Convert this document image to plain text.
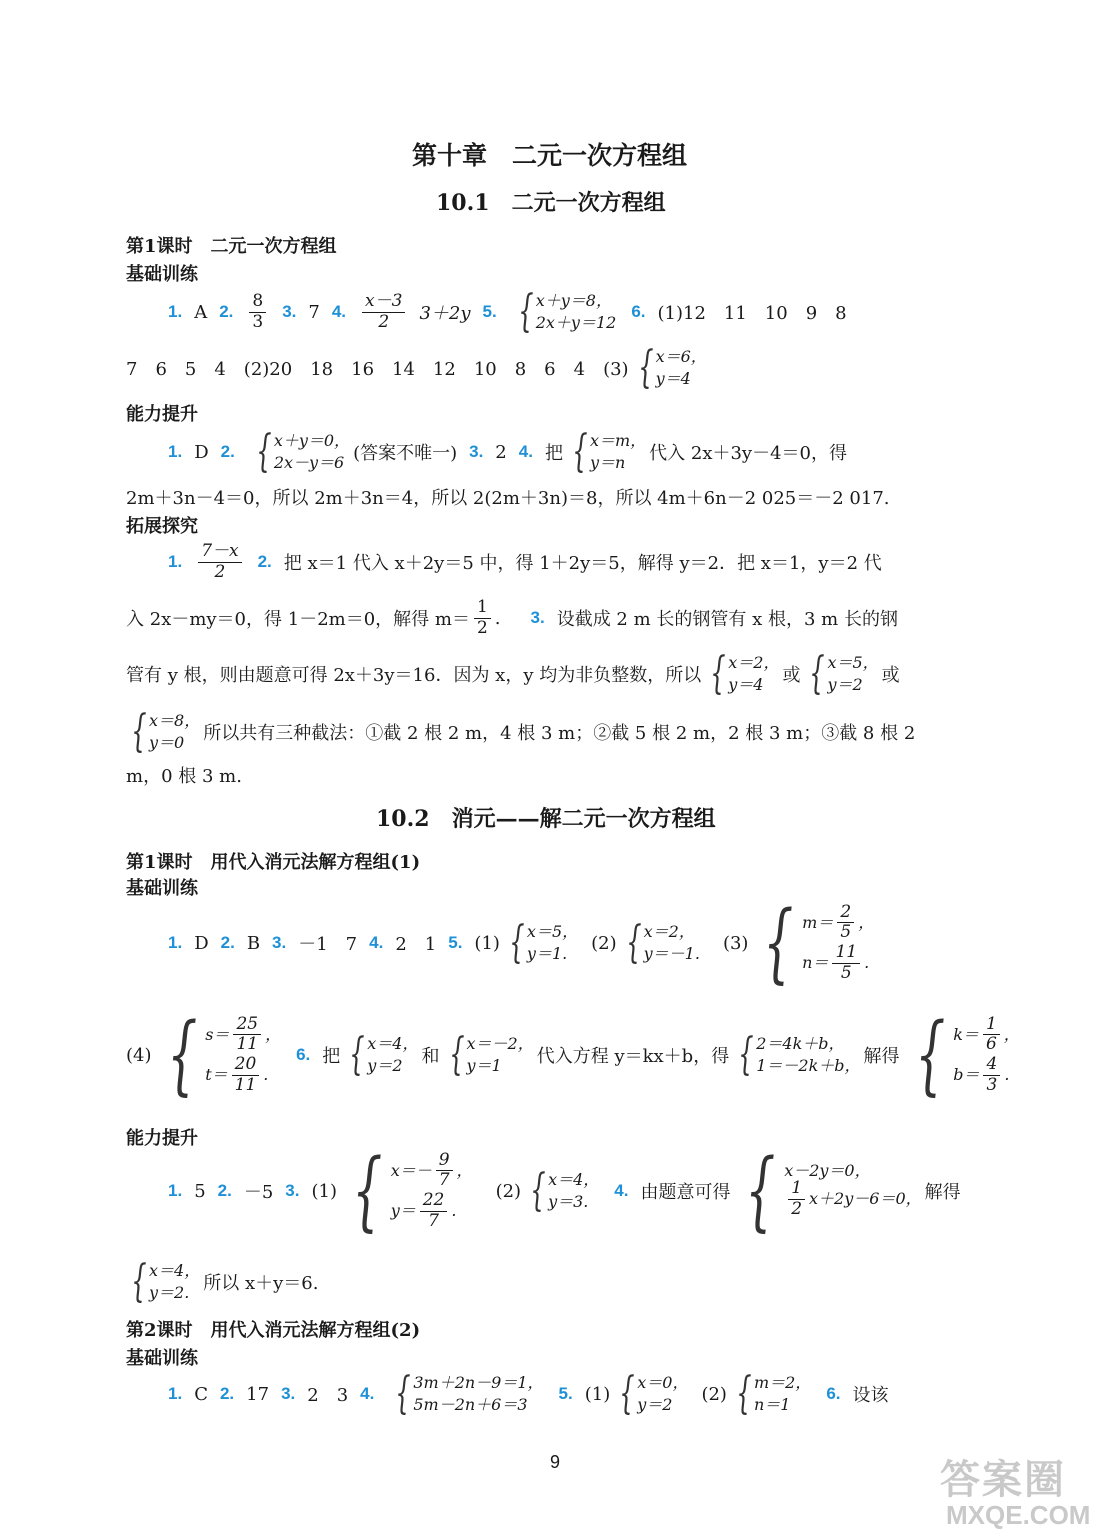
第十章　二元一次方程组
10.1　二元一次方程组
第1课时　二元一次方程组
基础训练
1. A 2. $\frac{8}{3} 3$. 7 4. $\frac{x-3}{2} 3+2y$ 5. { x＋y＝8，
2x＋y＝12
6. (1)12　11　10　9　8
7　6　5　4　(2)20　18　16　14　12　10　8　6　4　(3) { x＝6，
y＝4
能力提升
1. D 2. { x＋y＝0，
2x－y＝6 (答案不唯一) 3. 2 4. 把 { x＝m，
y＝n	代入 2x＋3y－4＝0，得
2m＋3n－4＝0，所以 2m＋3n＝4，所以 2(2m＋3n)＝8，所以 4m＋6n－2 025＝－2 017.
拓展探究
1. $\frac{7-x}{2} 2$. 把 x＝1 代入 x＋2y＝5 中，得 1＋2y＝5，解得 y＝2．把 x＝1，y＝2 代
入 2x－my＝0，得 1－2m＝0，解得 $m= \frac{1}{2}$ . 3. 设截成 2 m 长的钢管有 x 根，3 m 长的钢
管有 y 根，则由题意可得 2x＋3y＝16．因为 x，y 均为非负整数，所以 { x＝2，
y＝4	或 { x＝5，
y＝2	或
{ x＝8，
y＝0	所以共有三种截法：①截 2 根 2 m，4 根 3 m；②截 5 根 2 m，2 根 3 m；③截 8 根 2
m，0 根 3 m.
10.2　消元——解二元一次方程组
第1课时　用代入消元法解方程组(1)
基础训练
1. D 2. B 3. －1　7 4. 2　1 5. (1) { x＝5，
y＝1.	(2) { x＝2，
y＝－1. (3) { $m= \frac{2}{5}$ ，
$n= \frac{11}{5}$ .
(4) { $s= \frac{25}{11}$ ，
$t= \frac{20}{11}$ .
6. 把 { x＝4，
y＝2	和 { x＝－2，
y＝1	代入方程 y＝kx＋b，得 { 2＝4k＋b，
1＝－2k＋b， 解得 { $k= \frac{1}{6}$ ，
$b= \frac{4}{3}$ .
能力提升
1. 5 2. －5 3. (1) { $x=- \frac{9}{7}$ ，
$y= \frac{22}{7}$ .
(2) { x＝4，
y＝3.
4. 由题意可得 { x－2y＝0，
$\frac{1}{2} x+2y-6=0$， 解得
{ x＝4，
y＝2. 所以 x＋y＝6.
第2课时　用代入消元法解方程组(2)
基础训练
1. C 2. 17 3. 2　3 4. { 3m＋2n－9＝1，
5m－2n＋6＝3
5. (1) { x＝0，
y＝2	(2) { m＝2，
n＝1
6. 设该
9	答案圈
MXQE.COM
